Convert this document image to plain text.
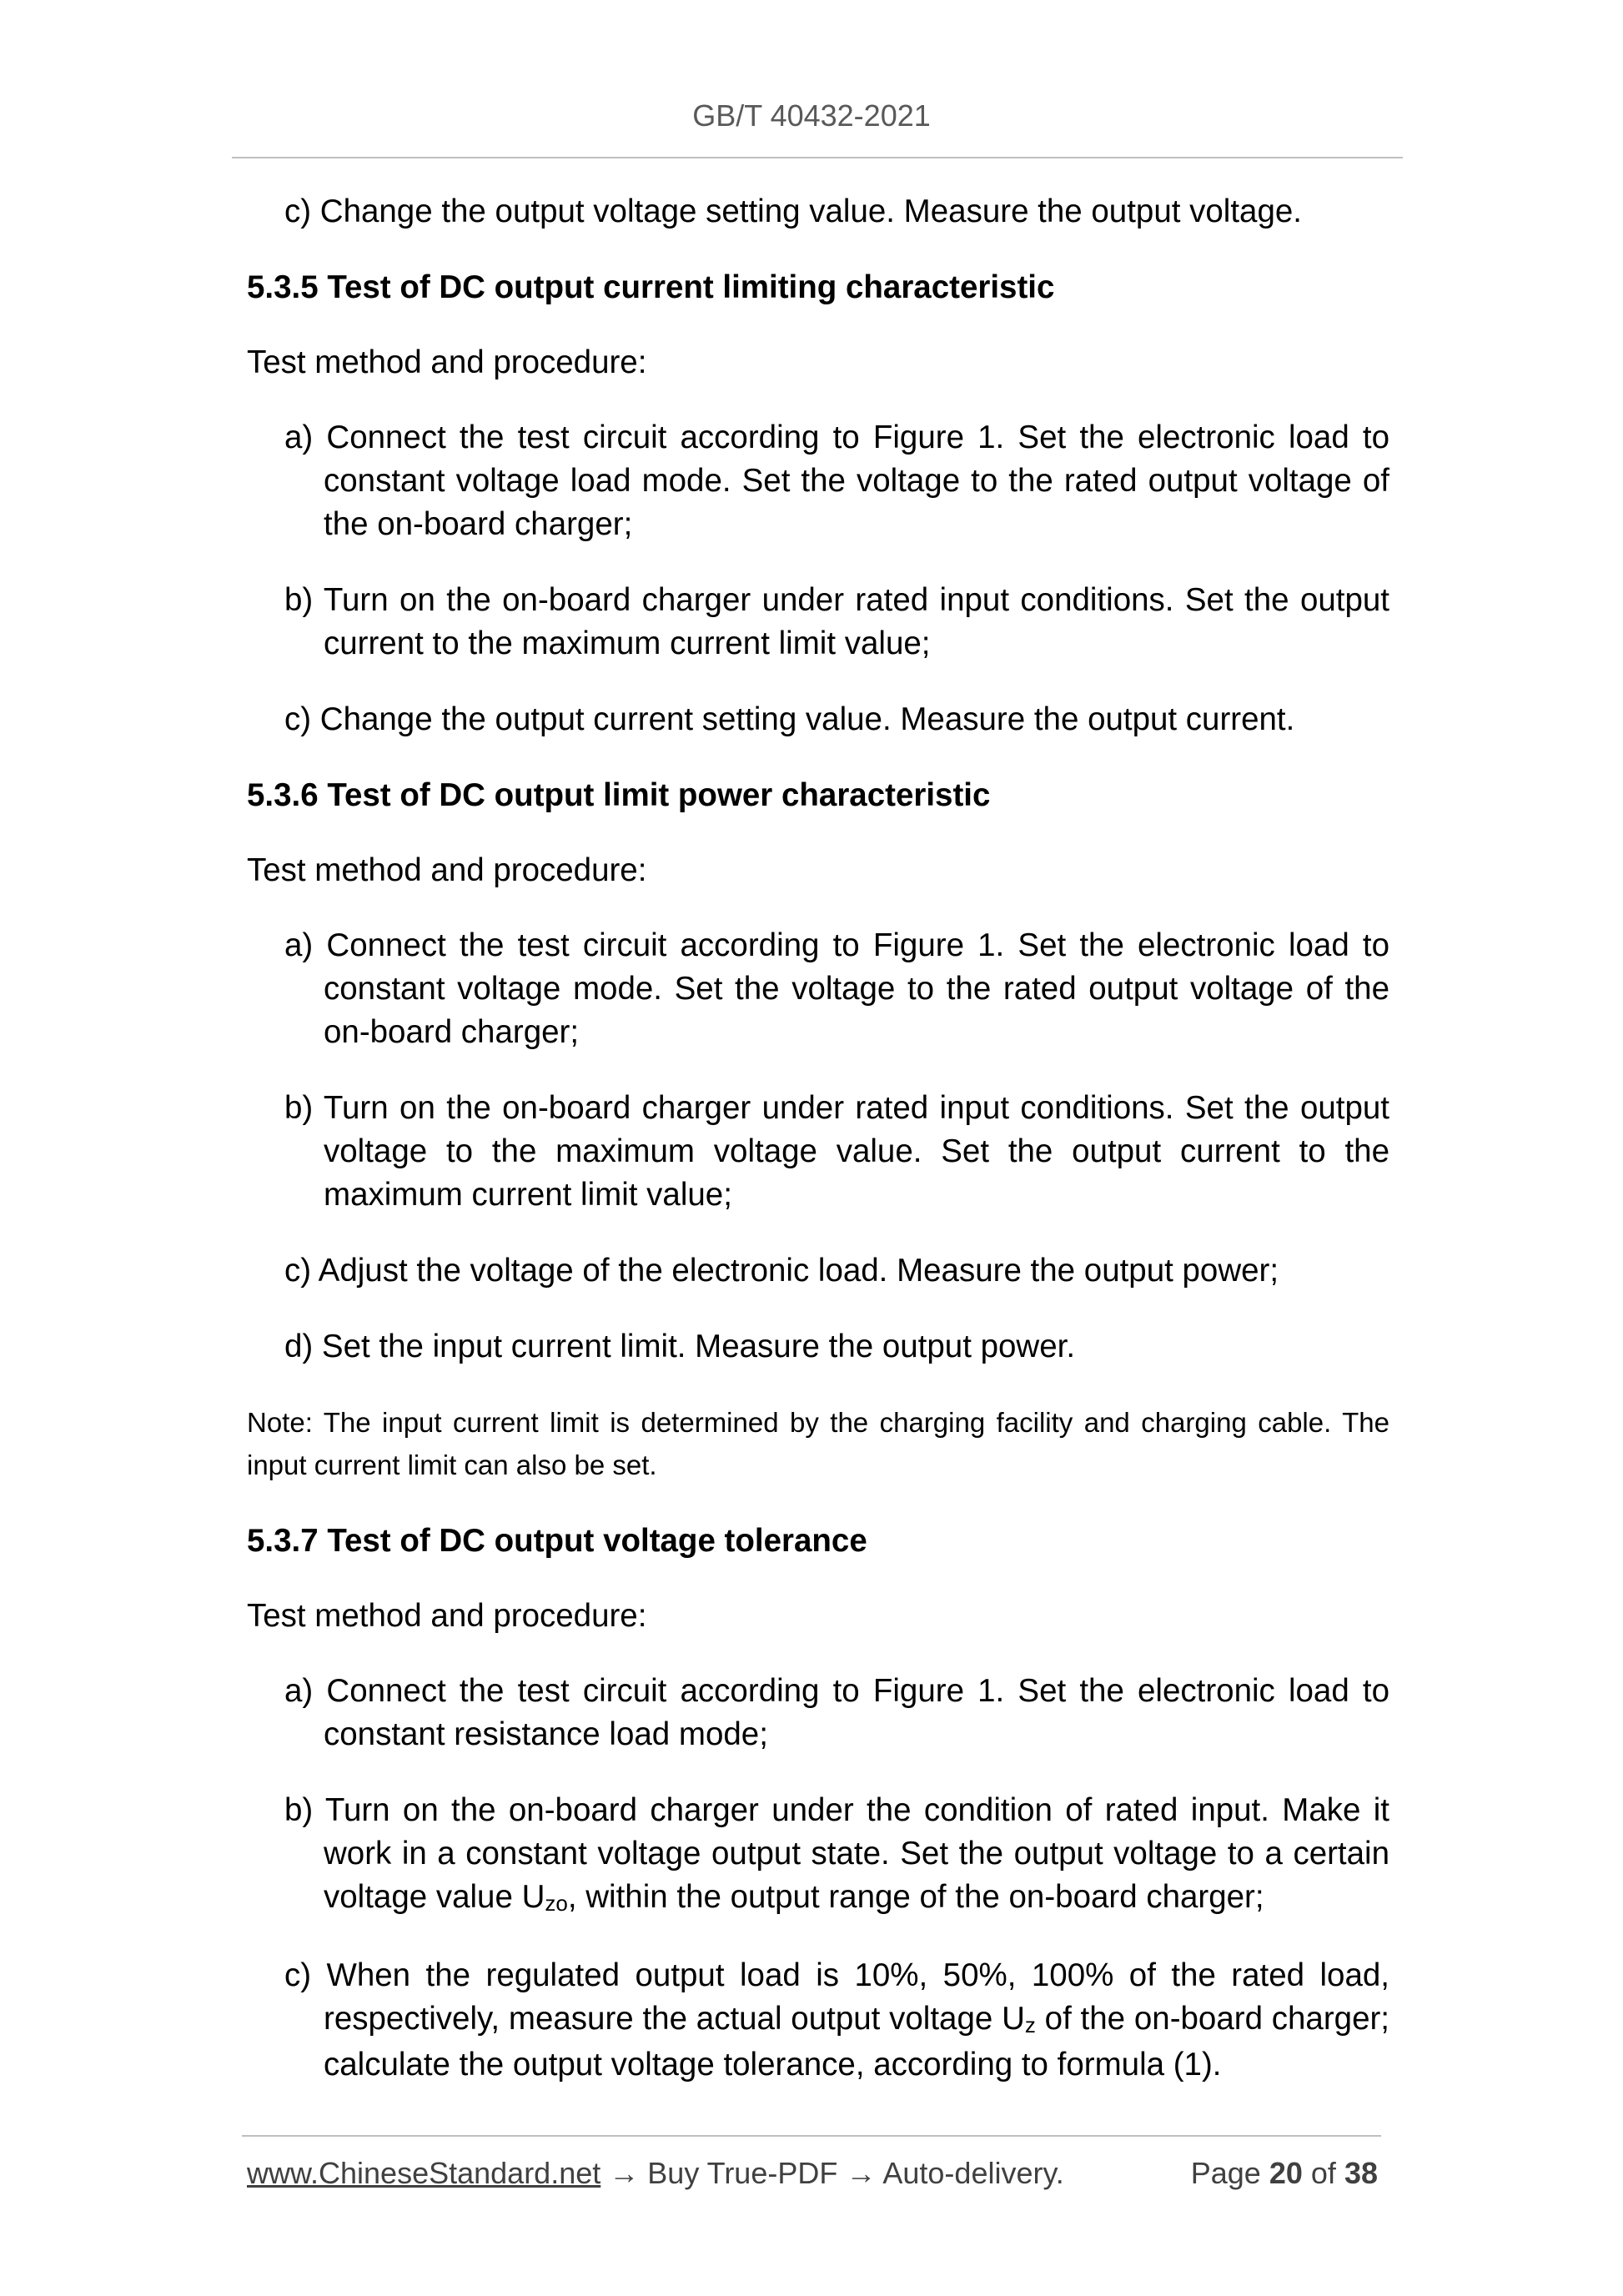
GB/T 40432-2021
c) Change the output voltage setting value. Measure the output voltage.
5.3.5 Test of DC output current limiting characteristic
Test method and procedure:
a) Connect the test circuit according to Figure 1. Set the electronic load to constant voltage load mode. Set the voltage to the rated output voltage of the on-board charger;
b) Turn on the on-board charger under rated input conditions. Set the output current to the maximum current limit value;
c) Change the output current setting value. Measure the output current.
5.3.6 Test of DC output limit power characteristic
Test method and procedure:
a) Connect the test circuit according to Figure 1. Set the electronic load to constant voltage mode. Set the voltage to the rated output voltage of the on-board charger;
b) Turn on the on-board charger under rated input conditions. Set the output voltage to the maximum voltage value. Set the output current to the maximum current limit value;
c) Adjust the voltage of the electronic load. Measure the output power;
d) Set the input current limit. Measure the output power.
Note: The input current limit is determined by the charging facility and charging cable. The input current limit can also be set.
5.3.7 Test of DC output voltage tolerance
Test method and procedure:
a) Connect the test circuit according to Figure 1. Set the electronic load to constant resistance load mode;
b) Turn on the on-board charger under the condition of rated input. Make it work in a constant voltage output state. Set the output voltage to a certain voltage value Uzo, within the output range of the on-board charger;
c) When the regulated output load is 10%, 50%, 100% of the rated load, respectively, measure the actual output voltage Uz of the on-board charger; calculate the output voltage tolerance, according to formula (1).
www.ChineseStandard.net → Buy True-PDF → Auto-delivery.	Page 20 of 38
